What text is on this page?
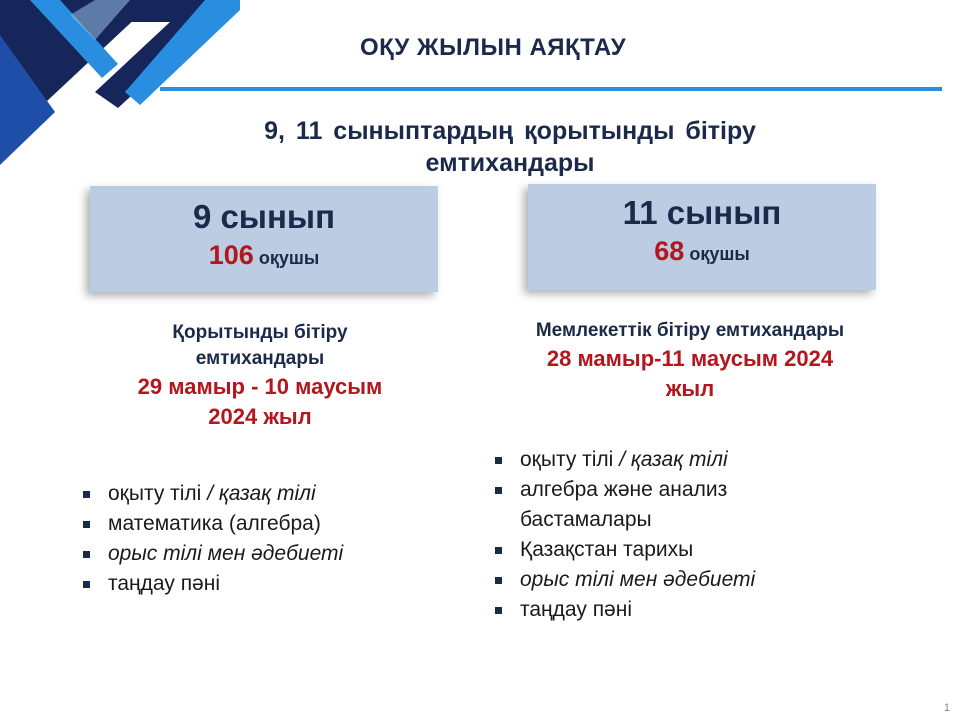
ОҚУ ЖЫЛЫН АЯҚТАУ
9, 11 сыныптардың қорытынды бітіру
емтихандары
9 сынып
106 оқушы
11 сынып
68 оқушы
Қорытынды бітіру
емтихандары
29 мамыр - 10 маусым
2024 жыл
Мемлекеттік бітіру емтихандары
28 мамыр-11 маусым 2024
жыл
оқыту тілі / қазақ тілі
математика (алгебра)
орыс тілі мен әдебиеті
таңдау пәні
оқыту тілі / қазақ тілі
алгебра және анализ
бастамалары
Қазақстан тарихы
орыс тілі мен әдебиеті
таңдау пәні
1
